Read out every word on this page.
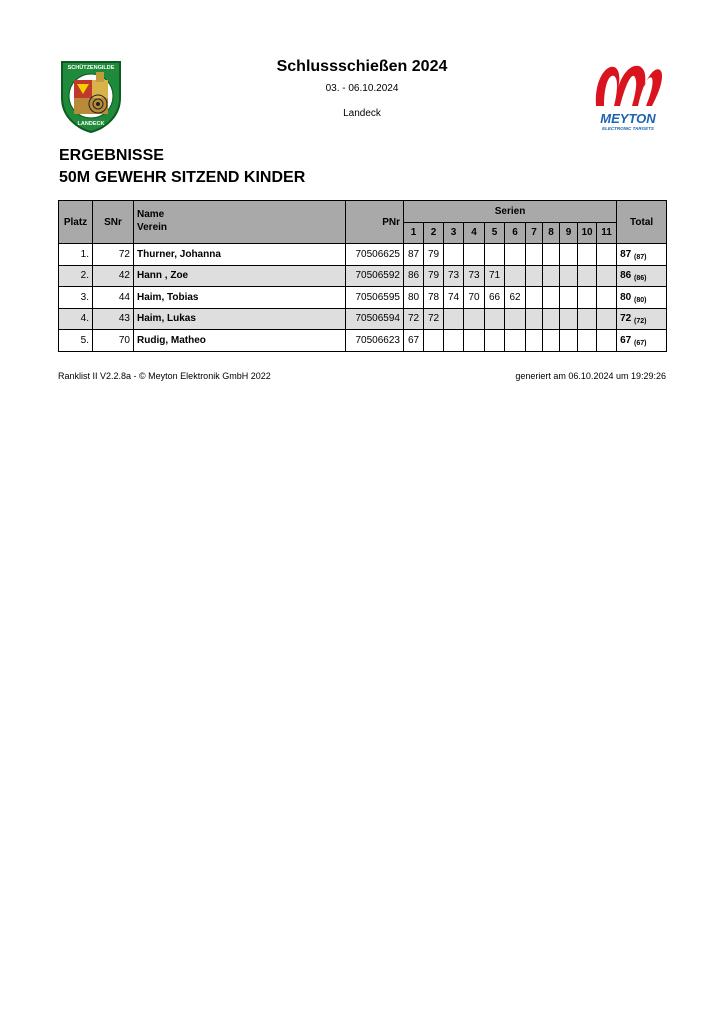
SCHÜTZENGILDE
LANDECK	MEYTON
ELECTRONIC TARGETS
Schlussschießen 2024
03. - 06.10.2024
Landeck
ERGEBNISSE
50M GEWEHR SITZEND KINDER
Platz	SNr	Name
Verein	PNr	Serien											Total
				1	2	3	4	5	6	7	8	9	10	11	
1.	72	Thurner, Johanna	70506625	87	79										87 $_{(87)}$
2.	42	Hann , Zoe	70506592	86	79	73	73	71							86 $_{(86)}$
3.	44	Haim, Tobias	70506595	80	78	74	70	66	62						80 $_{(80)}$
4.	43	Haim, Lukas	70506594	72	72										72 $_{(72)}$
5.	70	Rudig, Matheo	70506623	67											67 $_{(67)}$
Ranklist II V2.2.8a - © Meyton Elektronik GmbH 2022	generiert am 06.10.2024 um 19:29:26
